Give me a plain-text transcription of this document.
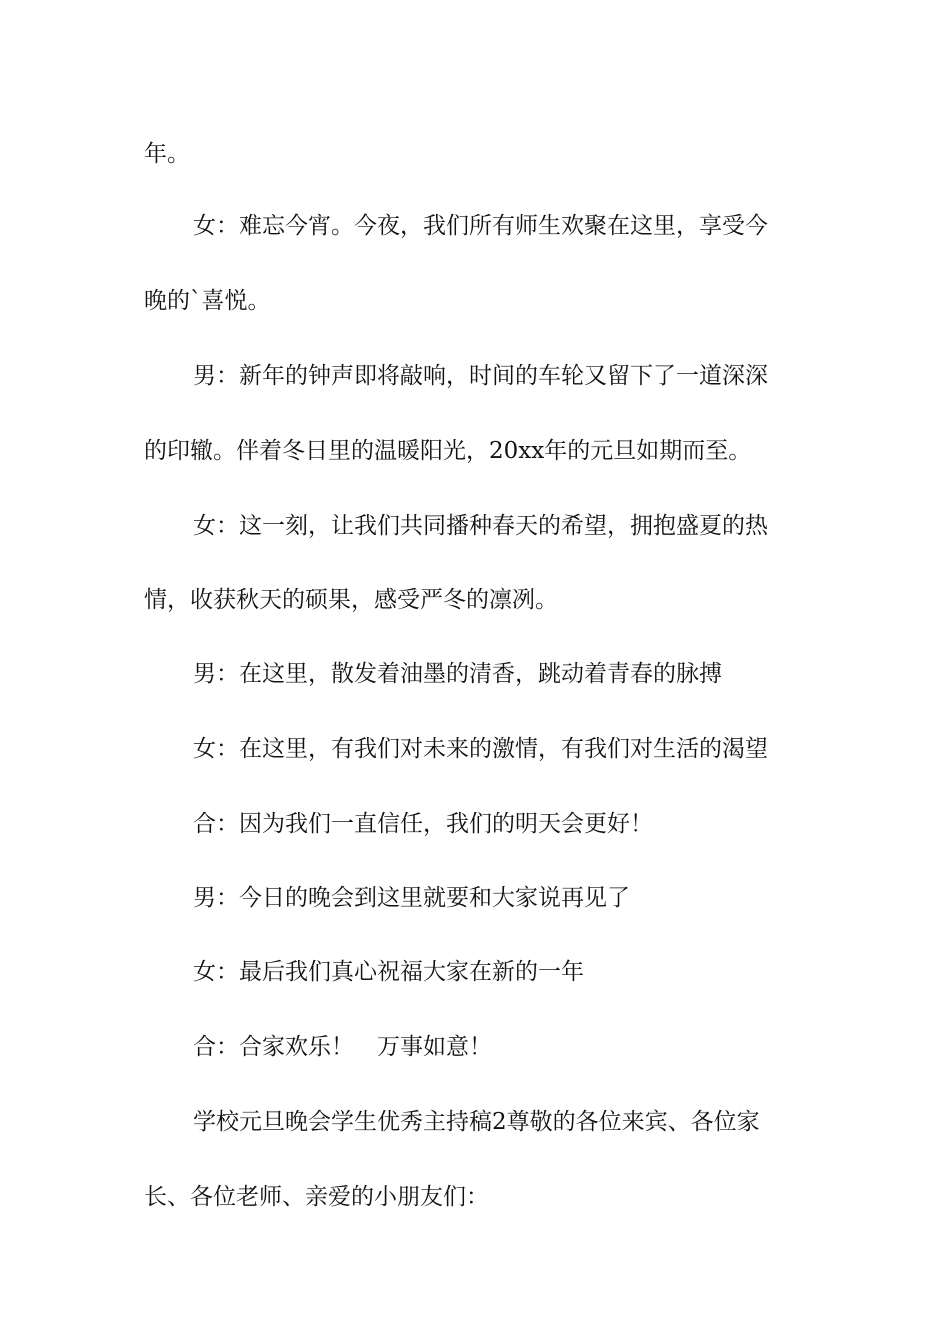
年。
女：难忘今宵。今夜，我们所有师生欢聚在这里，享受今
晚的`喜悦。
男：新年的钟声即将敲响，时间的车轮又留下了一道深深
的印辙。伴着冬日里的温暖阳光，20xx年的元旦如期而至。
女：这一刻，让我们共同播种春天的希望，拥抱盛夏的热
情，收获秋天的硕果，感受严冬的凛冽。
男：在这里，散发着油墨的清香，跳动着青春的脉搏
女：在这里，有我们对未来的激情，有我们对生活的渴望
合：因为我们一直信任，我们的明天会更好！
男：今日的晚会到这里就要和大家说再见了
女：最后我们真心祝福大家在新的一年
合：合家欢乐！　万事如意！
学校元旦晚会学生优秀主持稿2尊敬的各位来宾、各位家
长、各位老师、亲爱的小朋友们：
